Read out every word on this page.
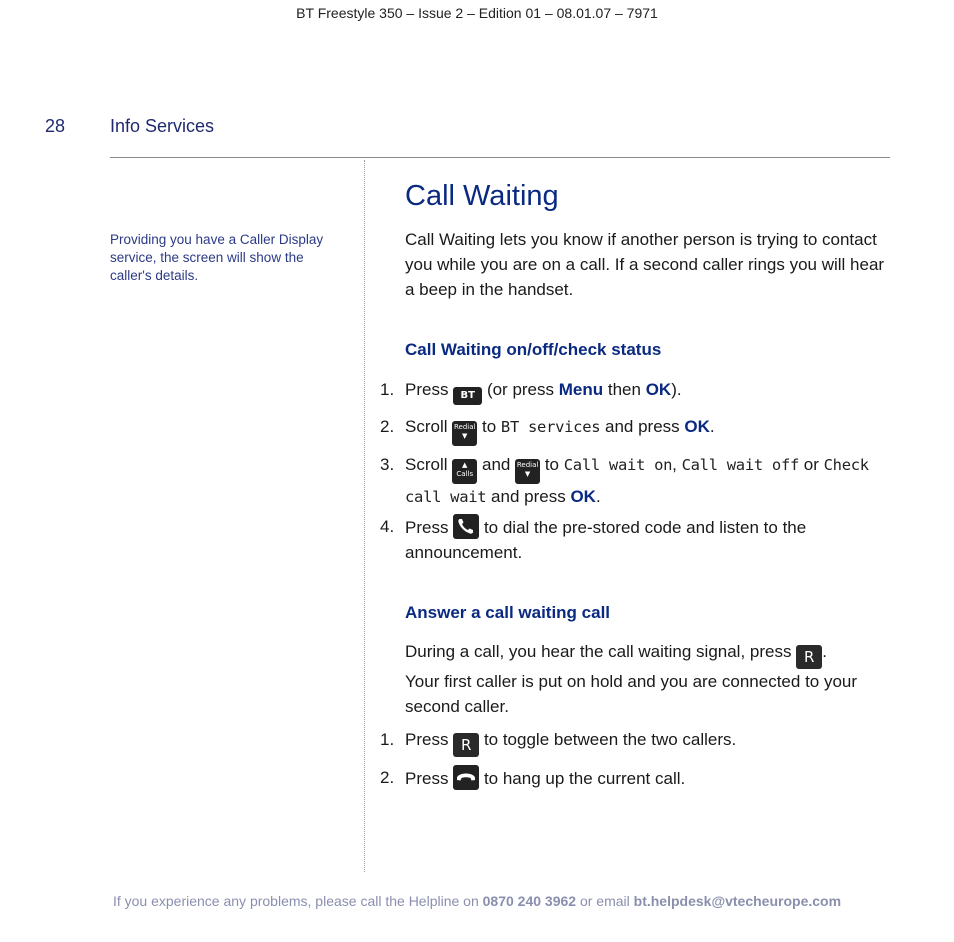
BT Freestyle 350 – Issue 2 – Edition 01 – 08.01.07 – 7971
28 Info Services
Providing you have a Caller Display service, the screen will show the caller's details.
Call Waiting
Call Waiting lets you know if another person is trying to contact you while you are on a call. If a second caller rings you will hear a beep in the handset.
Call Waiting on/off/check status
1. Press BT (or press Menu then OK).
2. Scroll Redial
▼ to BT services and press OK.
3. Scroll ▲
Calls and Redial
▼ to Call wait on, Call wait off or Check call wait and press OK.
4. Press to dial the pre-stored code and listen to the announcement.
Answer a call waiting call
During a call, you hear the call waiting signal, press R .
Your first caller is put on hold and you are connected to your second caller.
1. Press R to toggle between the two callers.
2. Press to hang up the current call.
If you experience any problems, please call the Helpline on 0870 240 3962 or email bt.helpdesk@vtecheurope.com
